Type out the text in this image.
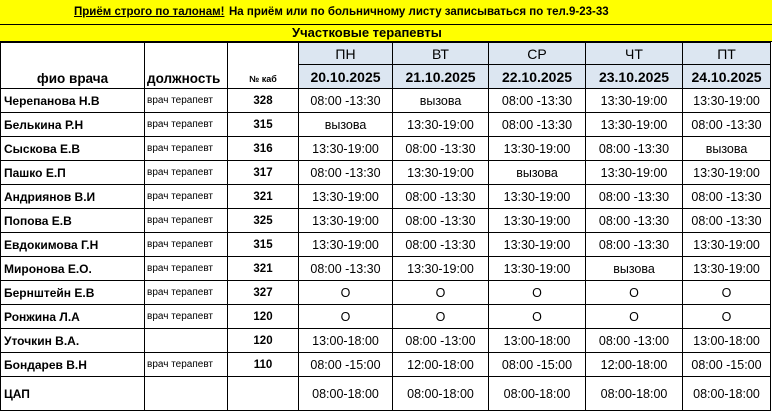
Приём строго по талонам! На приём или по больничному листу записываться по тел.9-23-33
Участковые терапевты
фио врача	должность	№ каб	ПН	ВТ	СР	ЧТ	ПТ
			20.10.2025	21.10.2025	22.10.2025	23.10.2025	24.10.2025
Черепанова Н.В	врач терапевт	328	08:00 -13:30	вызова	08:00 -13:30	13:30-19:00	13:30-19:00
Белькина Р.Н	врач терапевт	315	вызова	13:30-19:00	08:00 -13:30	13:30-19:00	08:00 -13:30
Сыскова Е.В	врач терапевт	316	13:30-19:00	08:00 -13:30	13:30-19:00	08:00 -13:30	вызова
Пашко Е.П	врач терапевт	317	08:00 -13:30	13:30-19:00	вызова	13:30-19:00	13:30-19:00
Андриянов В.И	врач терапевт	321	13:30-19:00	08:00 -13:30	13:30-19:00	08:00 -13:30	08:00 -13:30
Попова Е.В	врач терапевт	325	13:30-19:00	08:00 -13:30	13:30-19:00	08:00 -13:30	08:00 -13:30
Евдокимова Г.Н	врач терапевт	315	13:30-19:00	08:00 -13:30	13:30-19:00	08:00 -13:30	13:30-19:00
Миронова Е.О.	врач терапевт	321	08:00 -13:30	13:30-19:00	13:30-19:00	вызова	13:30-19:00
Бернштейн Е.В	врач терапевт	327	О	О	О	О	О
Ронжина Л.А	врач терапевт	120	О	О	О	О	О
Уточкин В.А.		120	13:00-18:00	08:00 -13:00	13:00-18:00	08:00 -13:00	13:00-18:00
Бондарев В.Н	врач терапевт	110	08:00 -15:00	12:00-18:00	08:00 -15:00	12:00-18:00	08:00 -15:00
ЦАП			08:00-18:00	08:00-18:00	08:00-18:00	08:00-18:00	08:00-18:00
